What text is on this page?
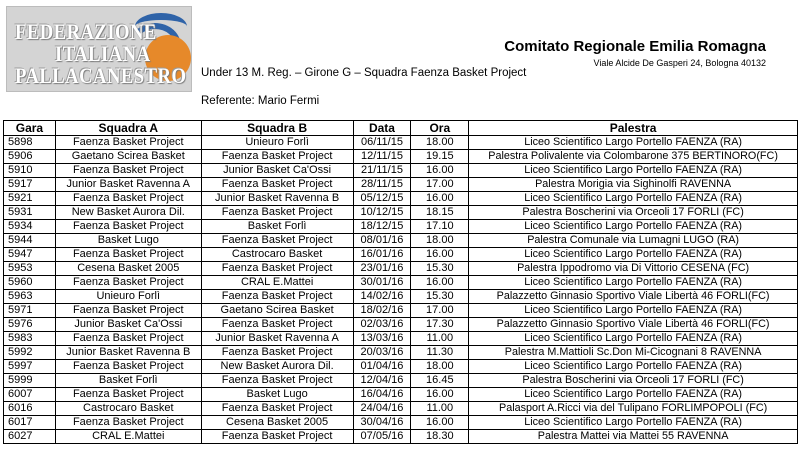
FEDERAZIONE
ITALIANA
PALLACANESTRO
Comitato Regionale Emilia Romagna
Viale Alcide De Gasperi 24, Bologna 40132
Under 13 M. Reg. – Girone G – Squadra Faenza Basket Project
Referente: Mario Fermi
Gara	Squadra A	Squadra B	Data	Ora	Palestra
5898	Faenza Basket Project	Unieuro Forlì	06/11/15	18.00	Liceo Scientifico Largo Portello FAENZA (RA)
5906	Gaetano Scirea Basket	Faenza Basket Project	12/11/15	19.15	Palestra Polivalente via Colombarone 375 BERTINORO(FC)
5910	Faenza Basket Project	Junior Basket Ca'Ossi	21/11/15	16.00	Liceo Scientifico Largo Portello FAENZA (RA)
5917	Junior Basket Ravenna A	Faenza Basket Project	28/11/15	17.00	Palestra Morigia via Sighinolfi RAVENNA
5921	Faenza Basket Project	Junior Basket Ravenna B	05/12/15	16.00	Liceo Scientifico Largo Portello FAENZA (RA)
5931	New Basket Aurora Dil.	Faenza Basket Project	10/12/15	18.15	Palestra Boscherini via Orceoli 17 FORLI (FC)
5934	Faenza Basket Project	Basket Forlì	18/12/15	17.10	Liceo Scientifico Largo Portello FAENZA (RA)
5944	Basket Lugo	Faenza Basket Project	08/01/16	18.00	Palestra Comunale via Lumagni LUGO (RA)
5947	Faenza Basket Project	Castrocaro Basket	16/01/16	16.00	Liceo Scientifico Largo Portello FAENZA (RA)
5953	Cesena Basket 2005	Faenza Basket Project	23/01/16	15.30	Palestra Ippodromo via Di Vittorio CESENA (FC)
5960	Faenza Basket Project	CRAL E.Mattei	30/01/16	16.00	Liceo Scientifico Largo Portello FAENZA (RA)
5963	Unieuro Forlì	Faenza Basket Project	14/02/16	15.30	Palazzetto Ginnasio Sportivo Viale Libertà 46 FORLI(FC)
5971	Faenza Basket Project	Gaetano Scirea Basket	18/02/16	17.00	Liceo Scientifico Largo Portello FAENZA (RA)
5976	Junior Basket Ca'Ossi	Faenza Basket Project	02/03/16	17.30	Palazzetto Ginnasio Sportivo Viale Libertà 46 FORLI(FC)
5983	Faenza Basket Project	Junior Basket Ravenna A	13/03/16	11.00	Liceo Scientifico Largo Portello FAENZA (RA)
5992	Junior Basket Ravenna B	Faenza Basket Project	20/03/16	11.30	Palestra M.Mattioli Sc.Don Mi-Cicognani 8 RAVENNA
5997	Faenza Basket Project	New Basket Aurora Dil.	01/04/16	18.00	Liceo Scientifico Largo Portello FAENZA (RA)
5999	Basket Forlì	Faenza Basket Project	12/04/16	16.45	Palestra Boscherini via Orceoli 17 FORLI (FC)
6007	Faenza Basket Project	Basket Lugo	16/04/16	16.00	Liceo Scientifico Largo Portello FAENZA (RA)
6016	Castrocaro Basket	Faenza Basket Project	24/04/16	11.00	Palasport A.Ricci via del Tulipano FORLIMPOPOLI (FC)
6017	Faenza Basket Project	Cesena Basket 2005	30/04/16	16.00	Liceo Scientifico Largo Portello FAENZA (RA)
6027	CRAL E.Mattei	Faenza Basket Project	07/05/16	18.30	Palestra Mattei via Mattei 55 RAVENNA
